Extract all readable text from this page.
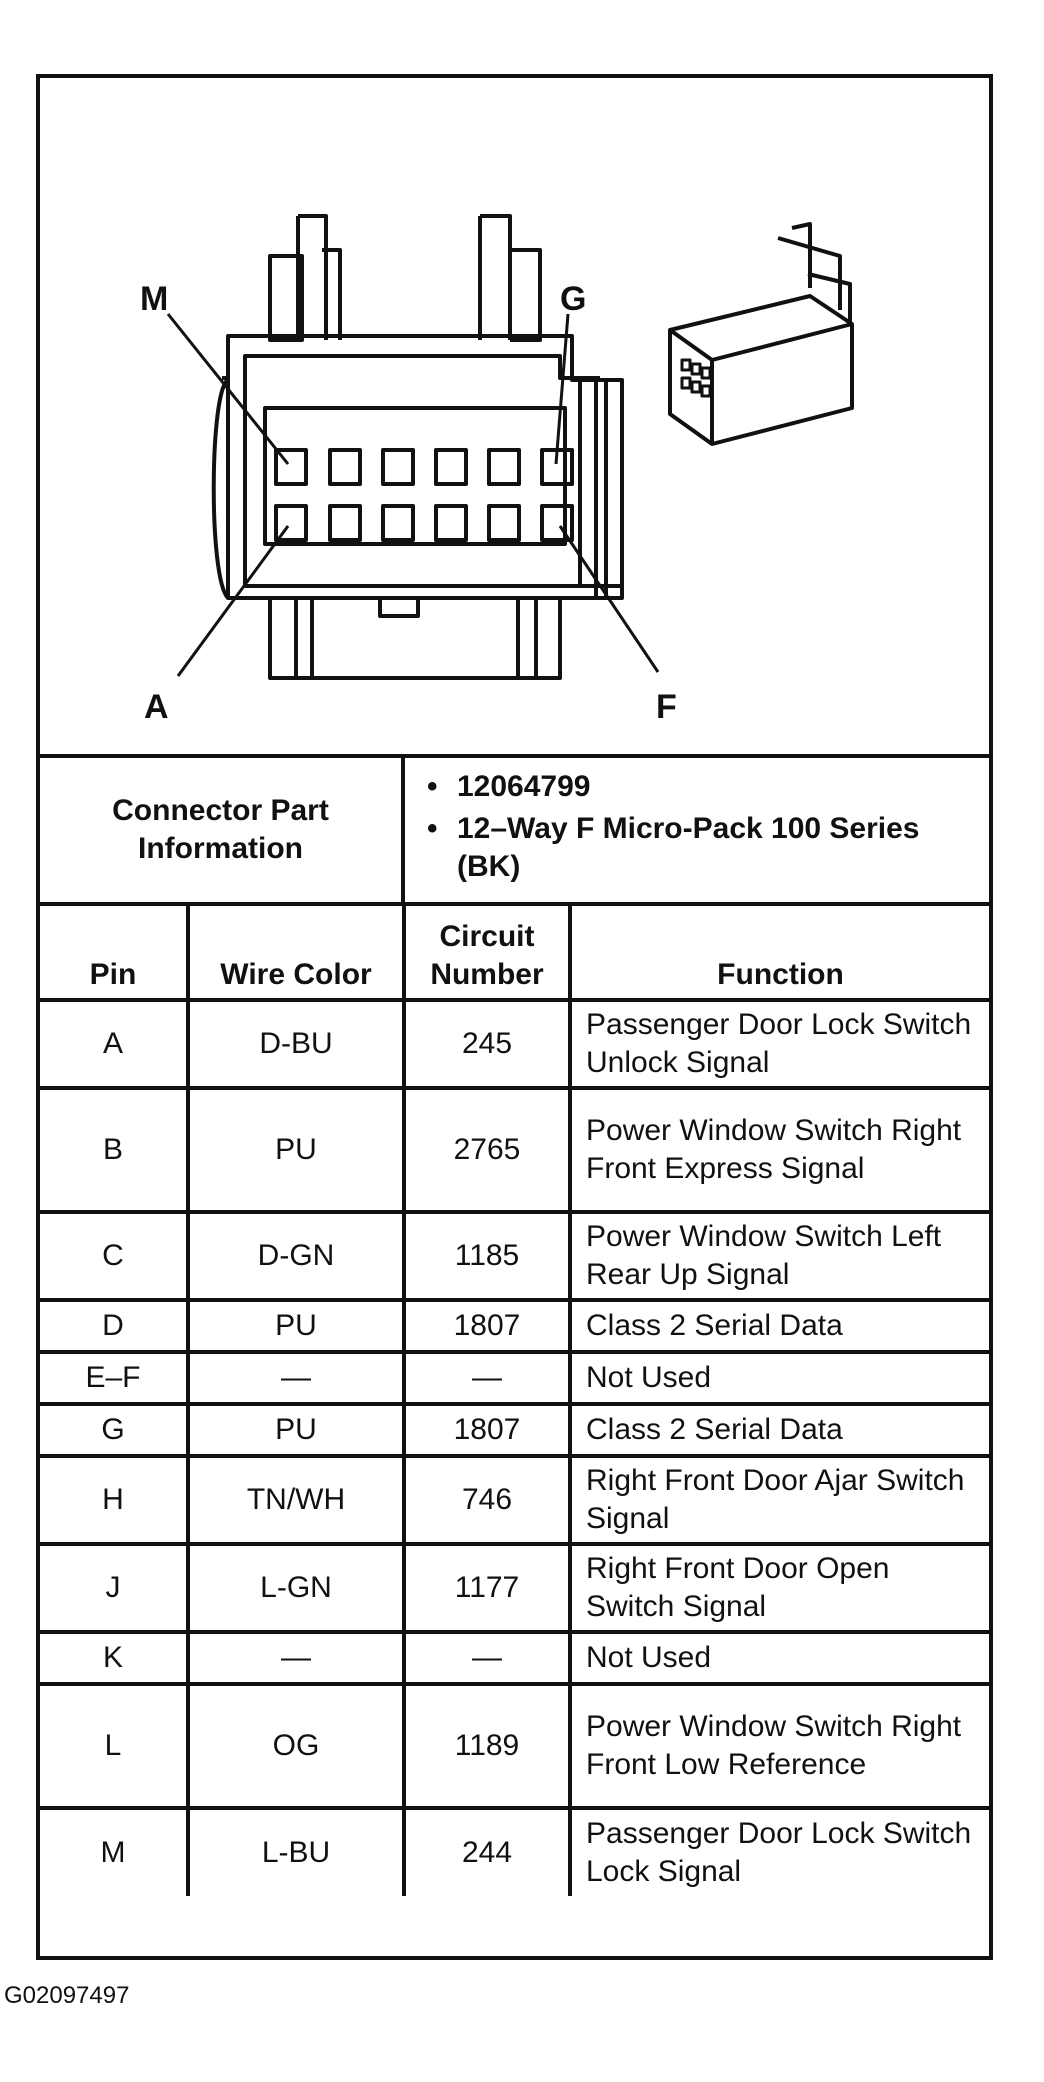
M	G
A	F
Connector Part Information
• 12064799
• 12–Way F Micro-Pack 100 Series (BK)
Pin	Wire Color	Circuit Number	Function
A	D-BU	245	Passenger Door Lock Switch Unlock Signal
B	PU	2765	Power Window Switch Right Front Express Signal
C	D-GN	1185	Power Window Switch Left Rear Up Signal
D	PU	1807	Class 2 Serial Data
E–F	—	—	Not Used
G	PU	1807	Class 2 Serial Data
H	TN/WH	746	Right Front Door Ajar Switch Signal
J	L-GN	1177	Right Front Door Open Switch Signal
K	—	—	Not Used
L	OG	1189	Power Window Switch Right Front Low Reference
M	L-BU	244	Passenger Door Lock Switch Lock Signal
G02097497
